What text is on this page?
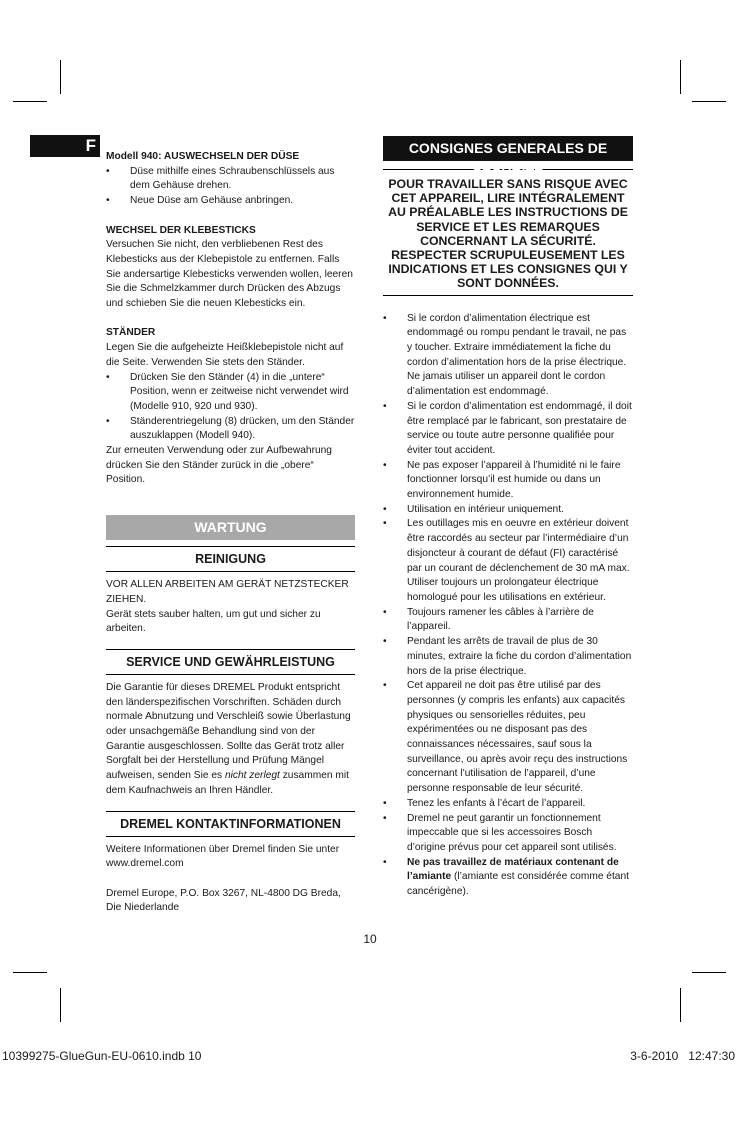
F

Modell 940: AUSWECHSELN DER DÜSE

• Düse mithilfe eines Schraubenschlüssels aus dem Gehäuse drehen.
• Neue Düse am Gehäuse anbringen.

WECHSEL DER KLEBESTICKS

Versuchen Sie nicht, den verbliebenen Rest des Klebesticks aus der Klebepistole zu entfernen. Falls Sie andersartige Klebesticks verwenden wollen, leeren Sie die Schmelzkammer durch Drücken des Abzugs und schieben Sie die neuen Klebesticks ein.

STÄNDER

Legen Sie die aufgeheizte Heißklebepistole nicht auf die Seite. Verwenden Sie stets den Ständer.

• Drücken Sie den Ständer (4) in die „untere“ Position, wenn er zeitweise nicht verwendet wird (Modelle 910, 920 und 930).
• Ständerentriegelung (8) drücken, um den Ständer auszuklappen (Modell 940).

Zur erneuten Verwendung oder zur Aufbewahrung drücken Sie den Ständer zurück in die „obere“ Position.

WARTUNG
REINIGUNG

VOR ALLEN ARBEITEN AM GERÄT NETZSTECKER ZIEHEN.

Gerät stets sauber halten, um gut und sicher zu arbeiten.

SERVICE UND GEWÄHRLEISTUNG

Die Garantie für dieses DREMEL Produkt entspricht den länderspezifischen Vorschriften. Schäden durch normale Abnutzung und Verschleiß sowie Überlastung oder unsachgemäße Behandlung sind von der Garantie ausgeschlossen. Sollte das Gerät trotz aller Sorgfalt bei der Herstellung und Prüfung Mängel aufweisen, senden Sie es nicht zerlegt zusammen mit dem Kaufnachweis an Ihren Händler.

DREMEL KONTAKTINFORMATIONEN

Weitere Informationen über Dremel finden Sie unter www.dremel.com

Dremel Europe, P.O. Box 3267, NL-4800 DG Breda, Die Niederlande

CONSIGNES GENERALES DE SECURITE
POUR TRAVAILLER SANS RISQUE AVEC CET APPAREIL, LIRE INTÉGRALEMENT AU PRÉALABLE LES INSTRUCTIONS DE SERVICE ET LES REMARQUES CONCERNANT LA SÉCURITÉ. RESPECTER SCRUPULEUSEMENT LES INDICATIONS ET LES CONSIGNES QUI Y SONT DONNÉES.
• Si le cordon d’alimentation électrique est endommagé ou rompu pendant le travail, ne pas y toucher. Extraire immédiatement la fiche du cordon d’alimentation hors de la prise électrique. Ne jamais utiliser un appareil dont le cordon d’alimentation est endommagé.
• Si le cordon d’alimentation est endommagé, il doit être remplacé par le fabricant, son prestataire de service ou toute autre personne qualifiée pour éviter tout accident.
• Ne pas exposer l’appareil à l’humidité ni le faire fonctionner lorsqu’il est humide ou dans un environnement humide.
• Utilisation en intérieur uniquement.
• Les outillages mis en oeuvre en extérieur doivent être raccordés au secteur par l’intermédiaire d’un disjoncteur à courant de défaut (FI) caractérisé par un courant de déclenchement de 30 mA max. Utiliser toujours un prolongateur électrique homologué pour les utilisations en extérieur.
• Toujours ramener les câbles à l’arrière de l’appareil.
• Pendant les arrêts de travail de plus de 30 minutes, extraire la fiche du cordon d’alimentation hors de la prise électrique.
• Cet appareil ne doit pas être utilisé par des personnes (y compris les enfants) aux capacités physiques ou sensorielles réduites, peu expérimentées ou ne disposant pas des connaissances nécessaires, sauf sous la surveillance, ou après avoir reçu des instructions concernant l’utilisation de l’appareil, d’une personne responsable de leur sécurité.
• Tenez les enfants à l’écart de l’appareil.
• Dremel ne peut garantir un fonctionnement impeccable que si les accessoires Bosch d’origine prévus pour cet appareil sont utilisés.
• Ne pas travaillez de matériaux contenant de l’amiante (l’amiante est considérée comme étant cancérigène).
10
10399275-GlueGun-EU-0610.indb 10	3-6-2010   12:47:30
